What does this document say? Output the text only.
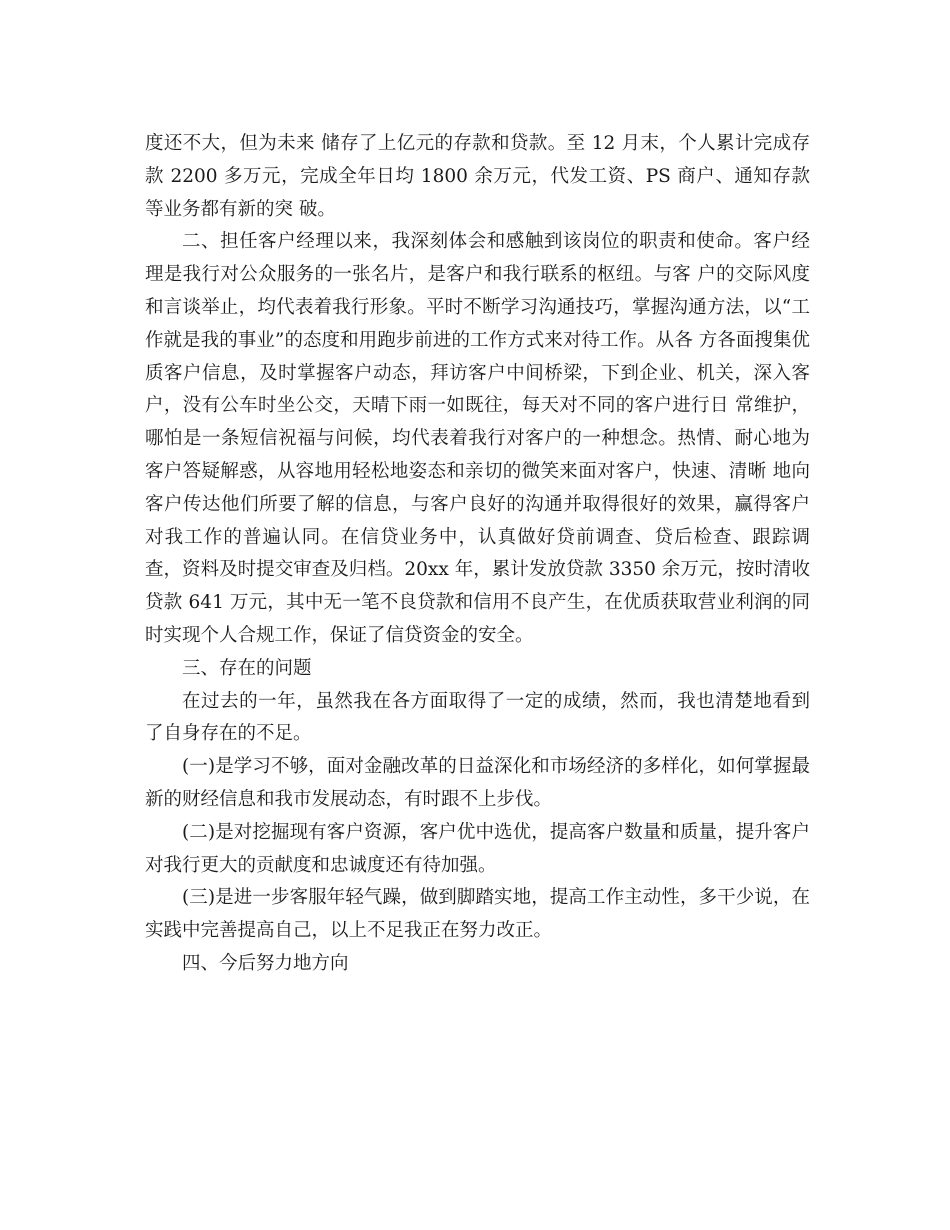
度还不大，但为未来 储存了上亿元的存款和贷款。至 12 月末，个人累计完成存款 2200 多万元，完成全年日均 1800 余万元，代发工资、PS 商户、通知存款等业务都有新的突 破。

二、担任客户经理以来，我深刻体会和感触到该岗位的职责和使命。客户经理是我行对公众服务的一张名片，是客户和我行联系的枢纽。与客 户的交际风度和言谈举止，均代表着我行形象。平时不断学习沟通技巧，掌握沟通方法，以“工作就是我的事业”的态度和用跑步前进的工作方式来对待工作。从各 方各面搜集优质客户信息，及时掌握客户动态，拜访客户中间桥梁，下到企业、机关，深入客户，没有公车时坐公交，天晴下雨一如既往，每天对不同的客户进行日 常维护，哪怕是一条短信祝福与问候，均代表着我行对客户的一种想念。热情、耐心地为客户答疑解惑，从容地用轻松地姿态和亲切的微笑来面对客户，快速、清晰 地向客户传达他们所要了解的信息，与客户良好的沟通并取得很好的效果，赢得客户对我工作的普遍认同。在信贷业务中，认真做好贷前调查、贷后检查、跟踪调 查，资料及时提交审查及归档。20xx 年，累计发放贷款 3350 余万元，按时清收贷款 641 万元，其中无一笔不良贷款和信用不良产生，在优质获取营业利润的同时实现个人合规工作，保证了信贷资金的安全。

三、存在的问题

在过去的一年，虽然我在各方面取得了一定的成绩，然而，我也清楚地看到了自身存在的不足。

(一)是学习不够，面对金融改革的日益深化和市场经济的多样化，如何掌握最新的财经信息和我市发展动态，有时跟不上步伐。

(二)是对挖掘现有客户资源，客户优中选优，提高客户数量和质量，提升客户对我行更大的贡献度和忠诚度还有待加强。

(三)是进一步客服年轻气躁，做到脚踏实地，提高工作主动性，多干少说，在实践中完善提高自己，以上不足我正在努力改正。

四、今后努力地方向
